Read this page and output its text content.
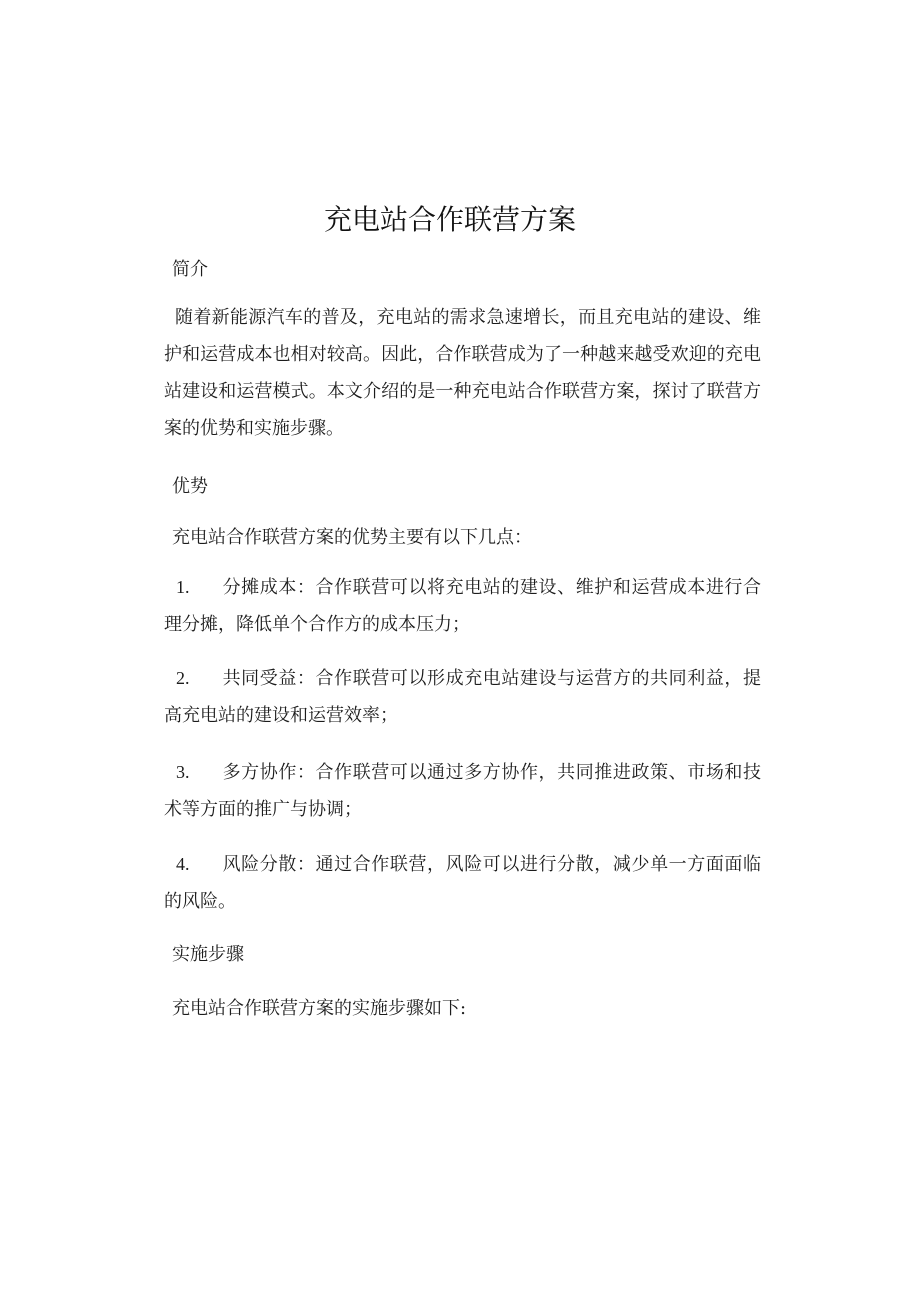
充电站合作联营方案
简介
随着新能源汽车的普及，充电站的需求急速增长，而且充电站的建设、维护和运营成本也相对较高。因此，合作联营成为了一种越来越受欢迎的充电站建设和运营模式。本文介绍的是一种充电站合作联营方案，探讨了联营方案的优势和实施步骤。
优势
充电站合作联营方案的优势主要有以下几点：
1. 分摊成本：合作联营可以将充电站的建设、维护和运营成本进行合理分摊，降低单个合作方的成本压力；
2. 共同受益：合作联营可以形成充电站建设与运营方的共同利益，提高充电站的建设和运营效率；
3. 多方协作：合作联营可以通过多方协作，共同推进政策、市场和技术等方面的推广与协调；
4. 风险分散：通过合作联营，风险可以进行分散，减少单一方面面临的风险。
实施步骤
充电站合作联营方案的实施步骤如下:
